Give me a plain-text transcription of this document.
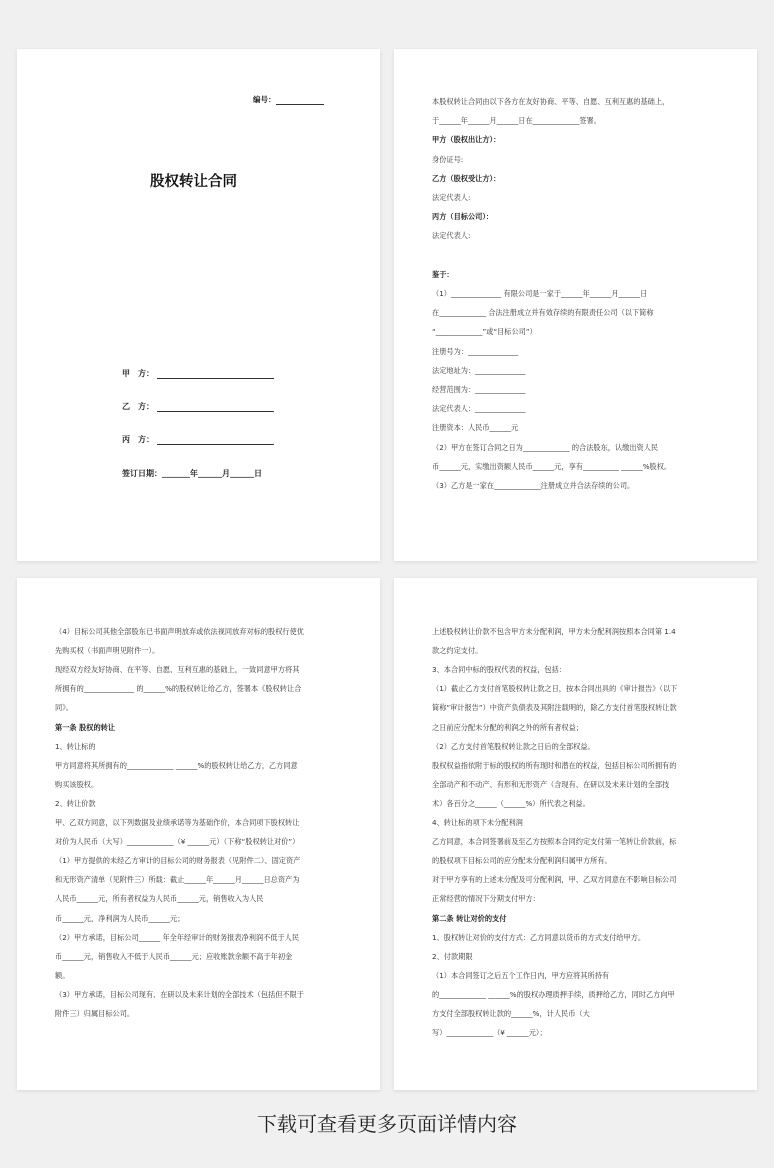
编号：
股权转让合同
甲　方：
乙　方：
丙　方：
签订日期：_______年______月______日
本股权转让合同由以下各方在友好协商、平等、自愿、互利互惠的基础上，
于______年______月______日在_____________签署。
甲方（股权出让方）：
身份证号:
乙方（股权受让方）：
法定代表人:
丙方（目标公司）：
法定代表人:
鉴于：
（1）______________ 有限公司是一家于______年______月______日
在_____________ 合法注册成立并有效存续的有限责任公司（以下简称
“_____________”或“目标公司”）
注册号为：______________
法定地址为：______________
经营范围为：______________
法定代表人：______________
注册资本：人民币______元
（2）甲方在签订合同之日为_____________ 的合法股东，认缴出资人民
币______元，实缴出资额人民币______元，享有__________ ______%股权。
（3）乙方是一家在_____________注册成立并合法存续的公司。
（4）目标公司其他全部股东已书面声明放弃或依法视同放弃对标的股权行使优
先购买权（书面声明见附件一）。
现经双方经友好协商、在平等、自愿、互利互惠的基础上，一致同意甲方将其
所拥有的______________ 的______%的股权转让给乙方，签署本《股权转让合
同》。
第一条 股权的转让
1、转让标的
甲方同意将其所拥有的_____________ ______%的股权转让给乙方，乙方同意
购买该股权。
2、转让价款
甲、乙双方同意，以下列数据及业绩承诺等为基础作价，本合同项下股权转让
对价为人民币（大写）_____________（¥ ______元）（下称“股权转让对价”）
（1）甲方提供的未经乙方审计的目标公司的财务报表（见附件二）、固定资产
和无形资产清单（见附件三）所载：截止______年______月______日总资产为
人民币______元，所有者权益为人民币______元，销售收入为人民
币______元，净利润为人民币______元；
（2）甲方承诺，目标公司______ 年全年经审计的财务报表净利润不低于人民
币______元，销售收入不低于人民币______元；应收账款余额不高于年初金
额。
（3）甲方承诺，目标公司现有、在研以及未来计划的全部技术（包括但不限于
附件三）归属目标公司。
上述股权转让价款不包含甲方未分配利润，甲方未分配利润按照本合同第 1.4
款之约定支付。
3、本合同中标的股权代表的权益，包括：
（1）截止乙方支付首笔股权转让款之日，按本合同出具的《审计报告》（以下
简称“审计报告”）中资产负债表及其附注载明的，除乙方支付首笔股权转让款
之日前应分配未分配的利润之外的所有者权益；
（2）乙方支付首笔股权转让款之日后的全部权益。
股权权益指依附于标的股权的所有现时和潜在的权益，包括目标公司所拥有的
全部动产和不动产、有形和无形资产（含现有、在研以及未来计划的全部技
术）各百分之______（______%）所代表之利益。
4、转让标的项下未分配利润
乙方同意，本合同签署前及至乙方按照本合同约定支付第一笔转让价款前，标
的股权项下目标公司的应分配未分配利润归属甲方所有。
对于甲方享有的上述未分配及可分配利润，甲、乙双方同意在不影响目标公司
正常经营的情况下分期支付甲方：
第二条 转让对价的支付
1、股权转让对价的支付方式：乙方同意以货币的方式支付给甲方。
2、付款期限
（1）本合同签订之后五个工作日内，甲方应将其所持有
的_____________ ______%的股权办理质押手续，质押给乙方，同时乙方向甲
方支付全部股权转让款的______%，计人民币（大
写）_____________（¥ ______元）；
下载可查看更多页面详情内容
